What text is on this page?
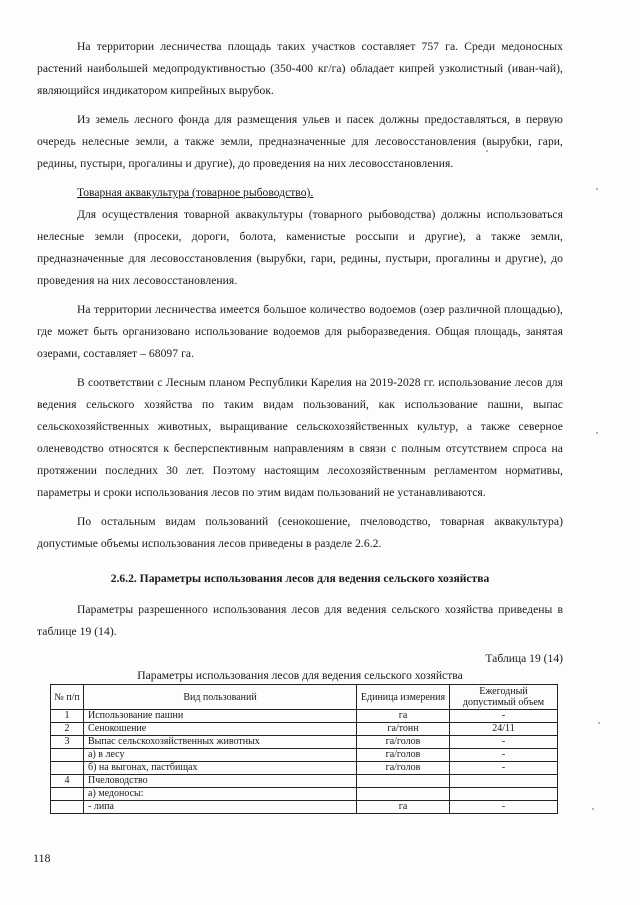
На территории лесничества площадь таких участков составляет 757 га. Среди медоносных растений наибольшей медопродуктивностью (350-400 кг/га) обладает кипрей узколистный (иван-чай), являющийся индикатором кипрейных вырубок.

Из земель лесного фонда для размещения ульев и пасек должны предоставляться, в первую очередь нелесные земли, а также земли, предназначенные для лесовосстановления (вырубки, гари, редины, пустыри, прогалины и другие), до проведения на них лесовосстановления.

Товарная аквакультура (товарное рыбоводство).

Для осуществления товарной аквакультуры (товарного рыбоводства) должны использоваться нелесные земли (просеки, дороги, болота, каменистые россыпи и другие), а также земли, предназначенные для лесовосстановления (вырубки, гари, редины, пустыри, прогалины и другие), до проведения на них лесовосстановления.

На территории лесничества имеется большое количество водоемов (озер различной площадью), где может быть организовано использование водоемов для рыборазведения. Общая площадь, занятая озерами, составляет – 68097 га.

В соответствии с Лесным планом Республики Карелия на 2019-2028 гг. использование лесов для ведения сельского хозяйства по таким видам пользований, как использование пашни, выпас сельскохозяйственных животных, выращивание сельскохозяйственных культур, а также северное оленеводство относятся к бесперспективным направлениям в связи с полным отсутствием спроса на протяжении последних 30 лет. Поэтому настоящим лесохозяйственным регламентом нормативы, параметры и сроки использования лесов по этим видам пользований не устанавливаются.

По остальным видам пользований (сенокошение, пчеловодство, товарная аквакультура) допустимые объемы использования лесов приведены в разделе 2.6.2.

2.6.2. Параметры использования лесов для ведения сельского хозяйства

Параметры разрешенного использования лесов для ведения сельского хозяйства приведены в таблице 19 (14).

Таблица 19 (14)

Параметры использования лесов для ведения сельского хозяйства

№ п/п	Вид пользований	Единица измерения	Ежегодный допустимый объем
1	Использование пашни	га	-
2	Сенокошение	га/тонн	24/11
3	Выпас сельскохозяйственных животных	га/голов	-
	а) в лесу	га/голов	-
	б) на выгонах, пастбищах	га/голов	-
4	Пчеловодство		
	а) медоносы:		
	- липа	га	-
118
